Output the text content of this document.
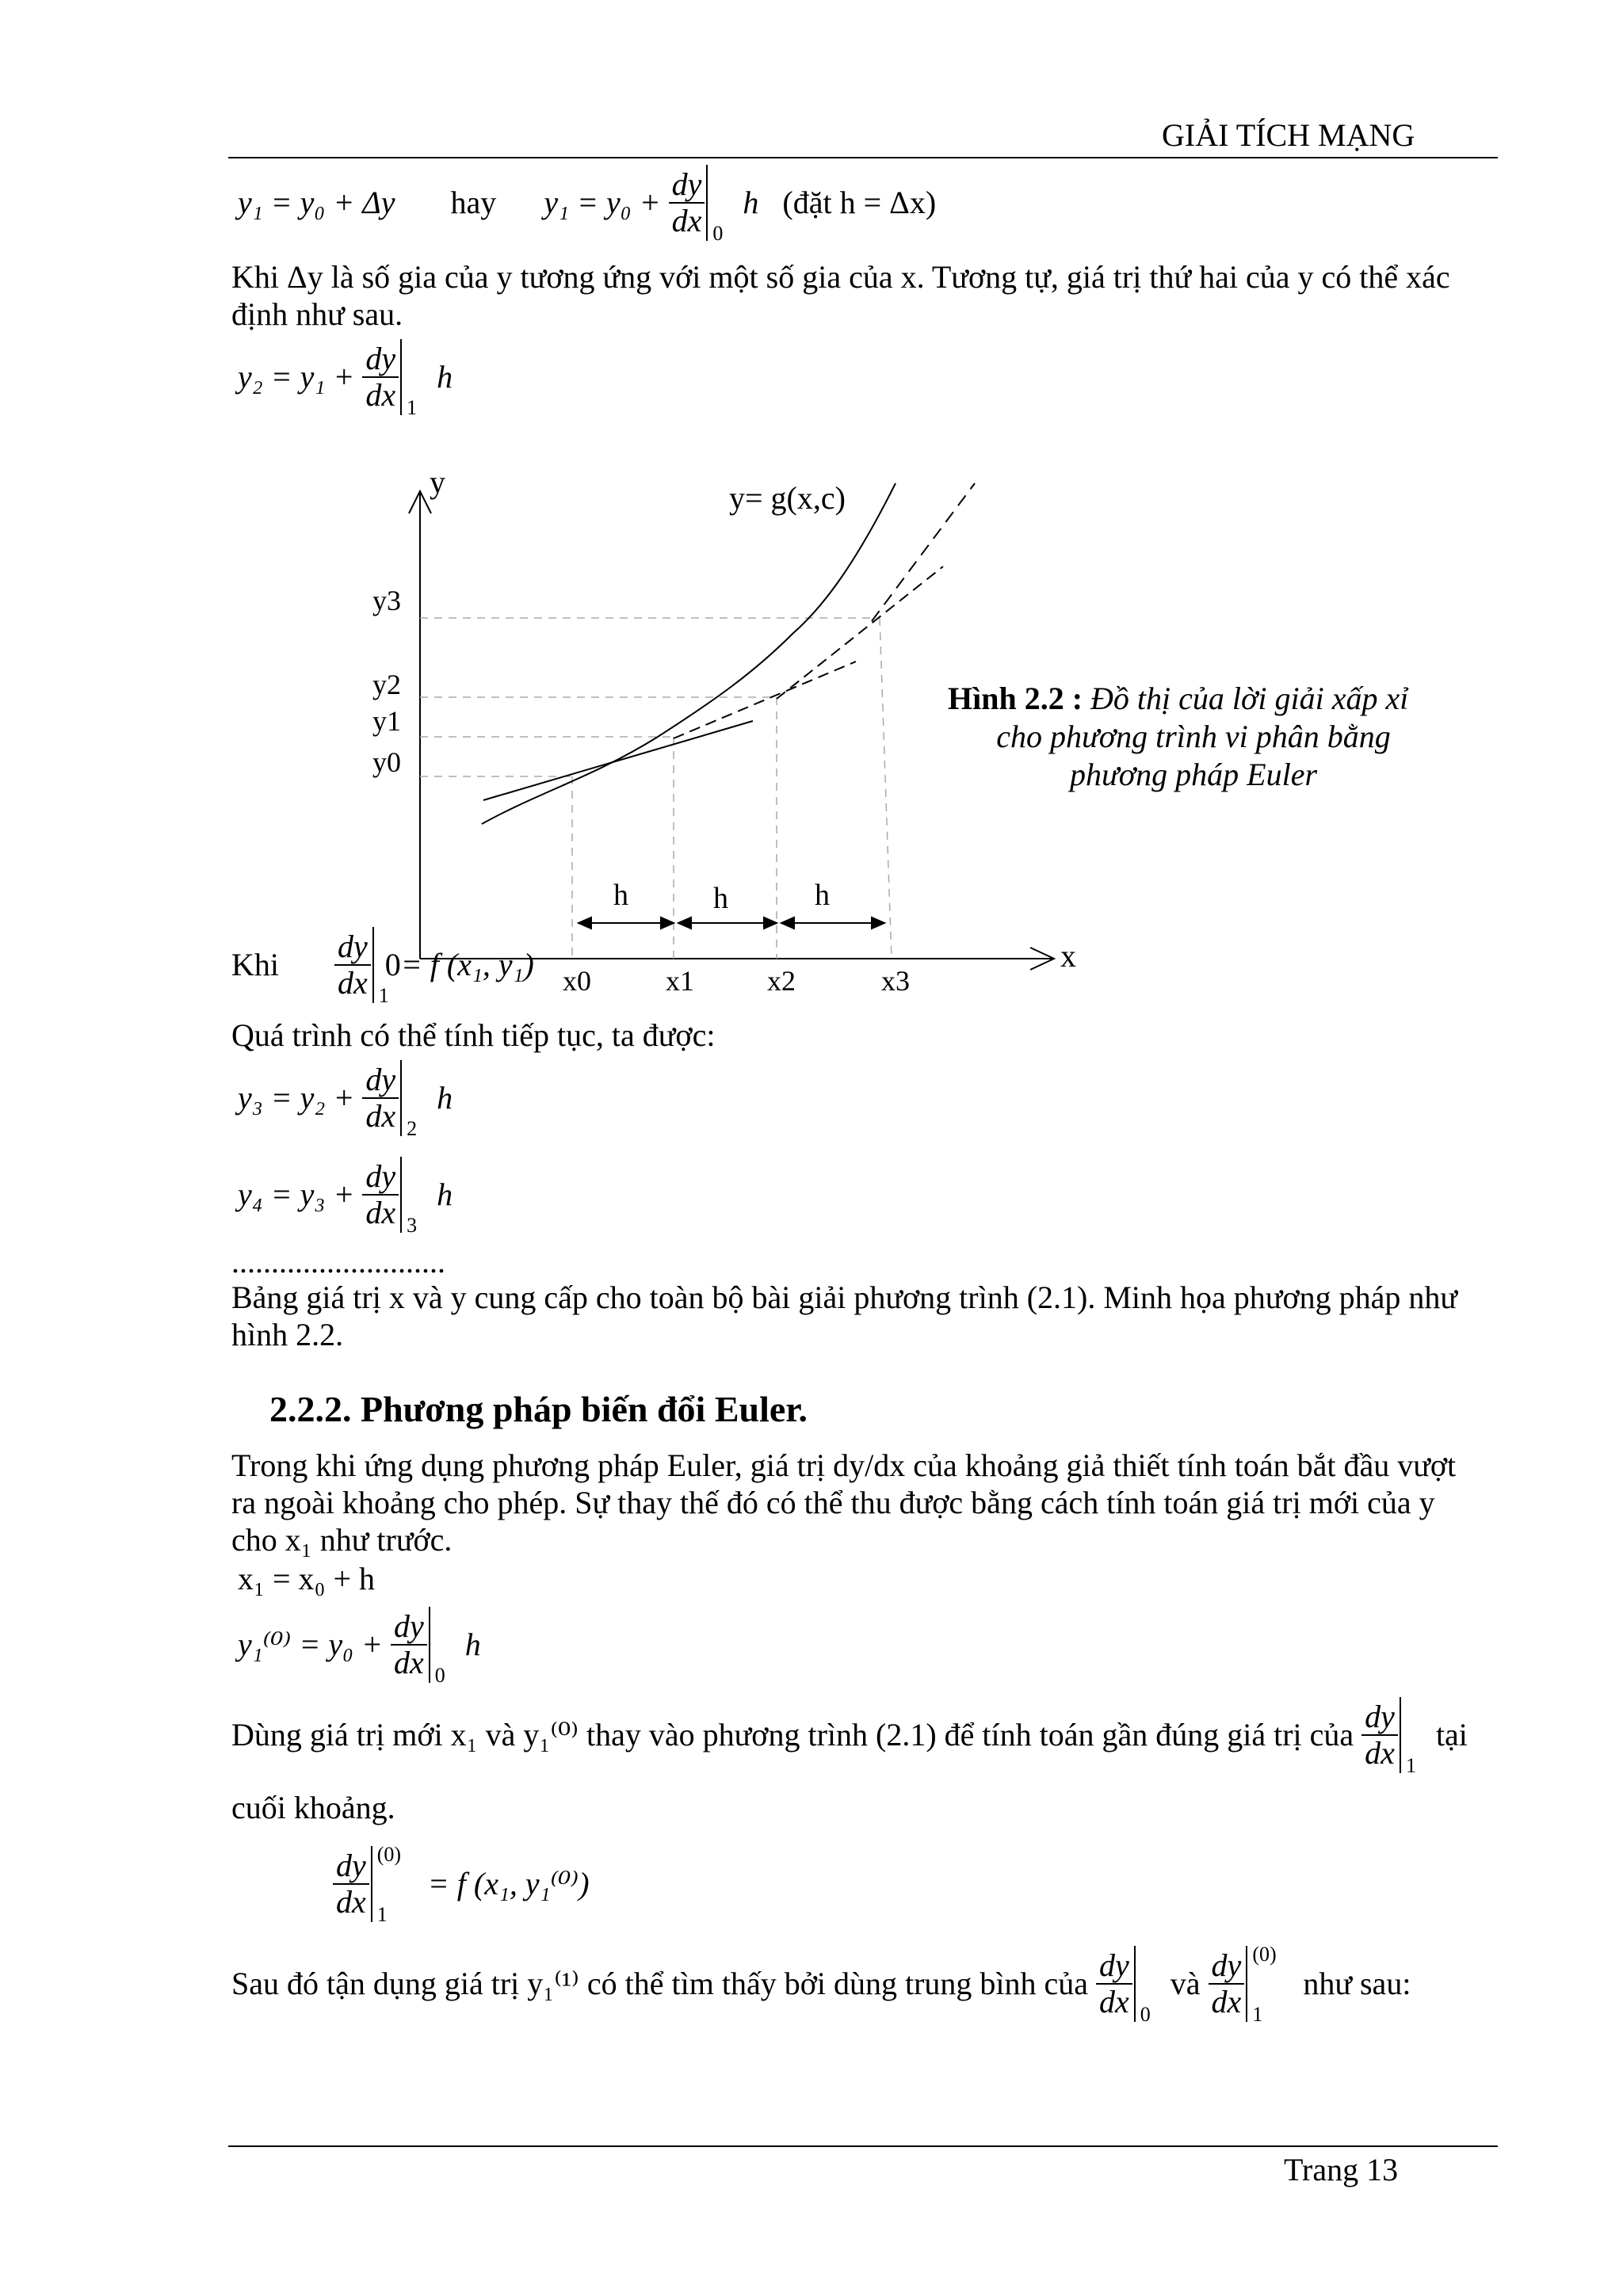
GIẢI TÍCH MẠNG
y₁ = y₀ + Δy hay $y_1 = y_0 + \frac{dy}{dx} 0$
h (đặt h = Δx)
Khi Δy là số gia của y tương ứng với một số gia của x. Tương tự, giá trị thứ hai của y có thể xác định như sau.
$y_2 = y_1 + \frac{dy}{dx} 1$
h
y
x
y= g(x,c)
y3
y2
y1
y0
x0	x1	x2	x3
h	h	h
Hình 2.2 : Đồ thị của lời giải xấp xỉ
cho phương trình vi phân bằng
phương pháp Euler
Khi $\frac{dy}{dx} 1$
0= f (x₁, y₁)
Quá trình có thể tính tiếp tục, ta được:
$y_3 = y_2 + \frac{dy}{dx} 2$
h
$y_4 = y_3 + \frac{dy}{dx} 3$
h
...........................
Bảng giá trị x và y cung cấp cho toàn bộ bài giải phương trình (2.1). Minh họa phương pháp như hình 2.2.
2.2.2. Phương pháp biến đổi Euler.
Trong khi ứng dụng phương pháp Euler, giá trị dy/dx của khoảng giả thiết tính toán bắt đầu vượt ra ngoài khoảng cho phép. Sự thay thế đó có thể thu được bằng cách tính toán giá trị mới của y cho x₁ như trước.
x₁ = x₀ + h
$y_1^{(0)} = y_0 + \frac{dy}{dx} 0$
h
Dùng giá trị mới x₁ và y₁⁽⁰⁾ thay vào phương trình (2.1) để tính toán gần đúng giá trị của $\frac{dy}{dx} 1$
tại
cuối khoảng.
$\frac{dy}{dx} (0)$
1
= f (x₁, y₁⁽⁰⁾)
Sau đó tận dụng giá trị y₁⁽¹⁾ có thể tìm thấy bởi dùng trung bình của $\frac{dy}{dx} 0$
và $\frac{dy}{dx} (0)$
1
như sau:
Trang 13
